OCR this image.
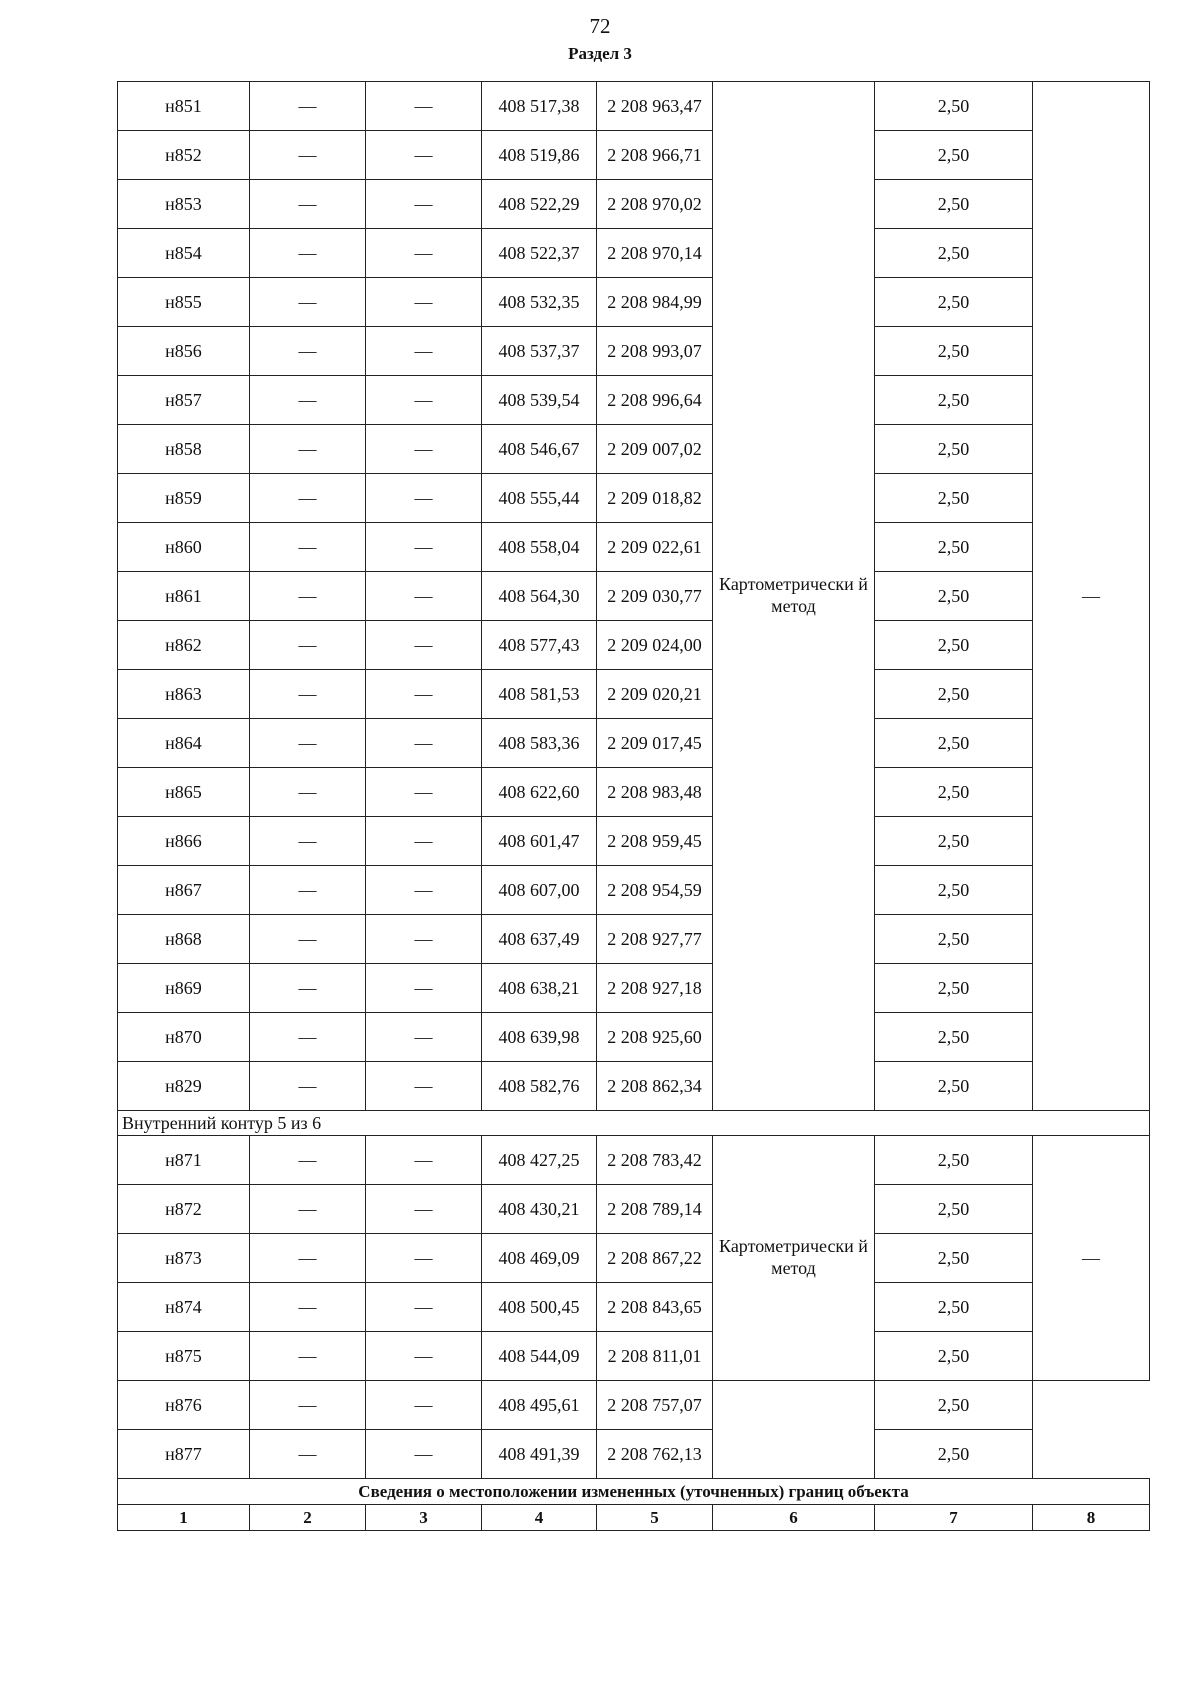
72
Раздел 3
н851	—	—	408 517,38	2 208 963,47	Картометрически й метод	2,50	—
н852	—	—	408 519,86	2 208 966,71		2,50	
н853	—	—	408 522,29	2 208 970,02		2,50	
н854	—	—	408 522,37	2 208 970,14		2,50	
н855	—	—	408 532,35	2 208 984,99		2,50	
н856	—	—	408 537,37	2 208 993,07		2,50	
н857	—	—	408 539,54	2 208 996,64		2,50	
н858	—	—	408 546,67	2 209 007,02		2,50	
н859	—	—	408 555,44	2 209 018,82		2,50	
н860	—	—	408 558,04	2 209 022,61		2,50	
н861	—	—	408 564,30	2 209 030,77		2,50	
н862	—	—	408 577,43	2 209 024,00		2,50	
н863	—	—	408 581,53	2 209 020,21		2,50	
н864	—	—	408 583,36	2 209 017,45		2,50	
н865	—	—	408 622,60	2 208 983,48		2,50	
н866	—	—	408 601,47	2 208 959,45		2,50	
н867	—	—	408 607,00	2 208 954,59		2,50	
н868	—	—	408 637,49	2 208 927,77		2,50	
н869	—	—	408 638,21	2 208 927,18		2,50	
н870	—	—	408 639,98	2 208 925,60		2,50	
н829	—	—	408 582,76	2 208 862,34		2,50	
Внутренний контур 5 из 6							
н871	—	—	408 427,25	2 208 783,42	Картометрически й метод	2,50	—
н872	—	—	408 430,21	2 208 789,14		2,50	
н873	—	—	408 469,09	2 208 867,22		2,50	
н874	—	—	408 500,45	2 208 843,65		2,50	
н875	—	—	408 544,09	2 208 811,01		2,50	
н876	—	—	408 495,61	2 208 757,07		2,50	
н877	—	—	408 491,39	2 208 762,13		2,50	
Сведения о местоположении измененных (уточненных) границ объекта							
1	2	3	4	5	6	7	8
